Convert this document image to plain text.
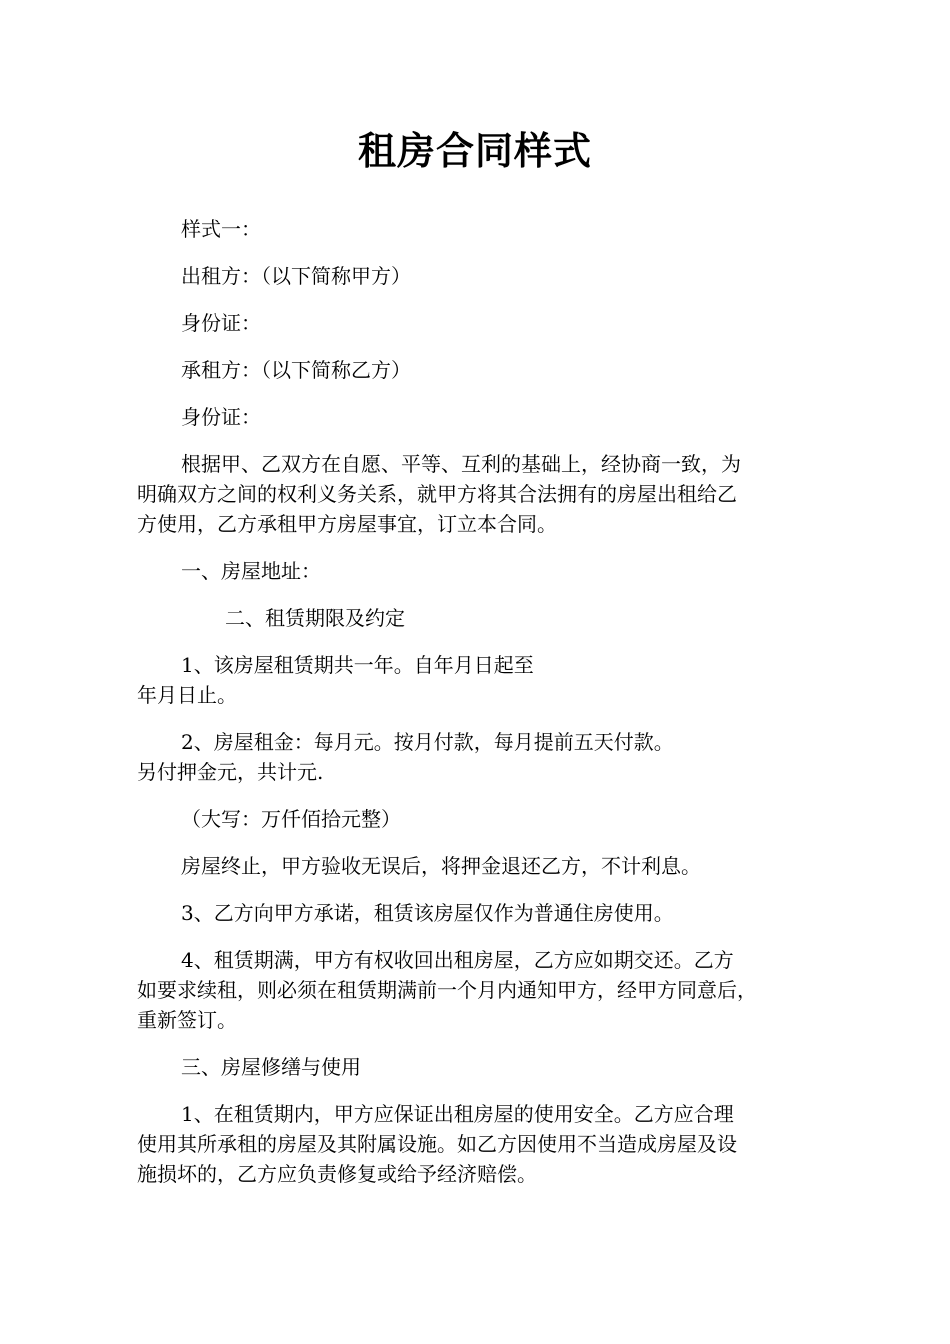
租房合同样式

样式一：

出租方：（以下简称甲方）

身份证：

承租方：（以下简称乙方）

身份证：

根据甲、乙双方在自愿、平等、互利的基础上，经协商一致，为
明确双方之间的权利义务关系，就甲方将其合法拥有的房屋出租给乙
方使用，乙方承租甲方房屋事宜，订立本合同。

一、房屋地址：

二、租赁期限及约定

1、该房屋租赁期共一年。自年月日起至
年月日止。

2、房屋租金：每月元。按月付款，每月提前五天付款。
另付押金元，共计元.

（大写：万仟佰拾元整）

房屋终止，甲方验收无误后，将押金退还乙方，不计利息。

3、乙方向甲方承诺，租赁该房屋仅作为普通住房使用。

4、租赁期满，甲方有权收回出租房屋，乙方应如期交还。乙方
如要求续租，则必须在租赁期满前一个月内通知甲方，经甲方同意后，
重新签订。

三、房屋修缮与使用

1、在租赁期内，甲方应保证出租房屋的使用安全。乙方应合理
使用其所承租的房屋及其附属设施。如乙方因使用不当造成房屋及设
施损坏的，乙方应负责修复或给予经济赔偿。
